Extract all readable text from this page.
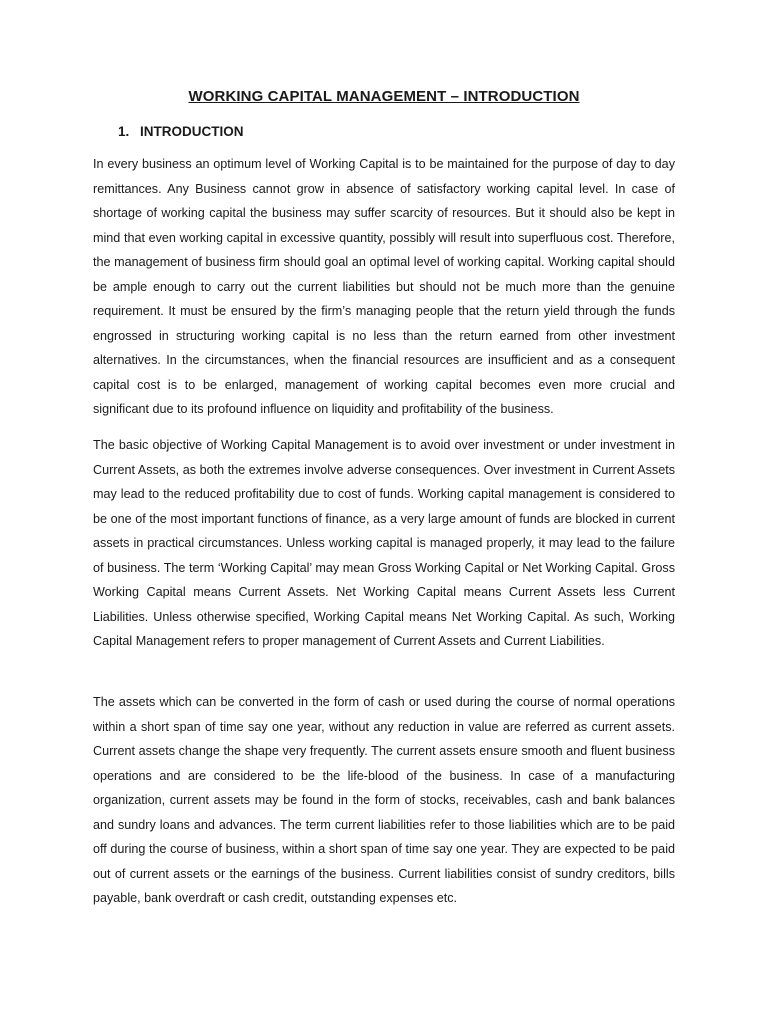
WORKING CAPITAL MANAGEMENT – INTRODUCTION
1. INTRODUCTION

In every business an optimum level of Working Capital is to be maintained for the purpose of day to day remittances. Any Business cannot grow in absence of satisfactory working capital level. In case of shortage of working capital the business may suffer scarcity of resources. But it should also be kept in mind that even working capital in excessive quantity, possibly will result into superfluous cost. Therefore, the management of business firm should goal an optimal level of working capital. Working capital should be ample enough to carry out the current liabilities but should not be much more than the genuine requirement. It must be ensured by the firm’s managing people that the return yield through the funds engrossed in structuring working capital is no less than the return earned from other investment alternatives. In the circumstances, when the financial resources are insufficient and as a consequent capital cost is to be enlarged, management of working capital becomes even more crucial and significant due to its profound influence on liquidity and profitability of the business.

The basic objective of Working Capital Management is to avoid over investment or under investment in Current Assets, as both the extremes involve adverse consequences. Over investment in Current Assets may lead to the reduced profitability due to cost of funds. Working capital management is considered to be one of the most important functions of finance, as a very large amount of funds are blocked in current assets in practical circumstances. Unless working capital is managed properly, it may lead to the failure of business. The term ‘Working Capital’ may mean Gross Working Capital or Net Working Capital. Gross Working Capital means Current Assets. Net Working Capital means Current Assets less Current Liabilities. Unless otherwise specified, Working Capital means Net Working Capital. As such, Working Capital Management refers to proper management of Current Assets and Current Liabilities.

The assets which can be converted in the form of cash or used during the course of normal operations within a short span of time say one year, without any reduction in value are referred as current assets. Current assets change the shape very frequently. The current assets ensure smooth and fluent business operations and are considered to be the life-blood of the business. In case of a manufacturing organization, current assets may be found in the form of stocks, receivables, cash and bank balances and sundry loans and advances. The term current liabilities refer to those liabilities which are to be paid off during the course of business, within a short span of time say one year. They are expected to be paid out of current assets or the earnings of the business. Current liabilities consist of sundry creditors, bills payable, bank overdraft or cash credit, outstanding expenses etc.
